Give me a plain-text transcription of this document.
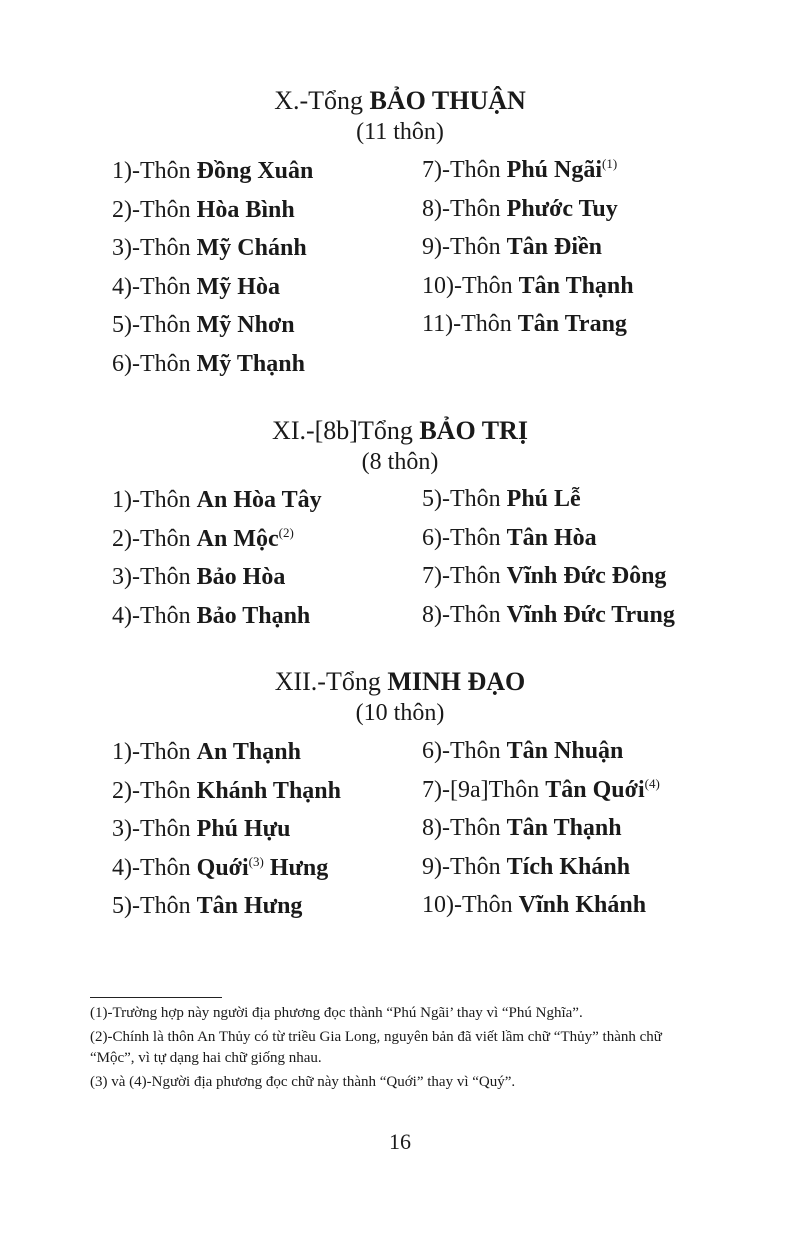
X.-Tổng BẢO THUẬN
(11 thôn)
1)-Thôn Đồng Xuân
2)-Thôn Hòa Bình
3)-Thôn Mỹ Chánh
4)-Thôn Mỹ Hòa
5)-Thôn Mỹ Nhơn
6)-Thôn Mỹ Thạnh
7)-Thôn Phú Ngãi$^{(1)}$
8)-Thôn Phước Tuy
9)-Thôn Tân Điền
10)-Thôn Tân Thạnh
11)-Thôn Tân Trang
XI.-[8b]Tổng BẢO TRỊ
(8 thôn)
1)-Thôn An Hòa Tây
2)-Thôn An Mộc$^{(2)}$
3)-Thôn Bảo Hòa
4)-Thôn Bảo Thạnh
5)-Thôn Phú Lễ
6)-Thôn Tân Hòa
7)-Thôn Vĩnh Đức Đông
8)-Thôn Vĩnh Đức Trung
XII.-Tổng MINH ĐẠO
(10 thôn)
1)-Thôn An Thạnh
2)-Thôn Khánh Thạnh
3)-Thôn Phú Hựu
4)-Thôn Quới$^{(3)}$ Hưng
5)-Thôn Tân Hưng
6)-Thôn Tân Nhuận
7)-[9a]Thôn Tân Quới$^{(4)}$
8)-Thôn Tân Thạnh
9)-Thôn Tích Khánh
10)-Thôn Vĩnh Khánh

(1)-Trường hợp này người địa phương đọc thành “Phú Ngãi’ thay vì “Phú Nghĩa”.

(2)-Chính là thôn An Thủy có từ triều Gia Long, nguyên bản đã viết lầm chữ “Thủy” thành chữ “Mộc”, vì tự dạng hai chữ giống nhau.

(3) và (4)-Người địa phương đọc chữ này thành “Quới” thay vì “Quý”.

16
